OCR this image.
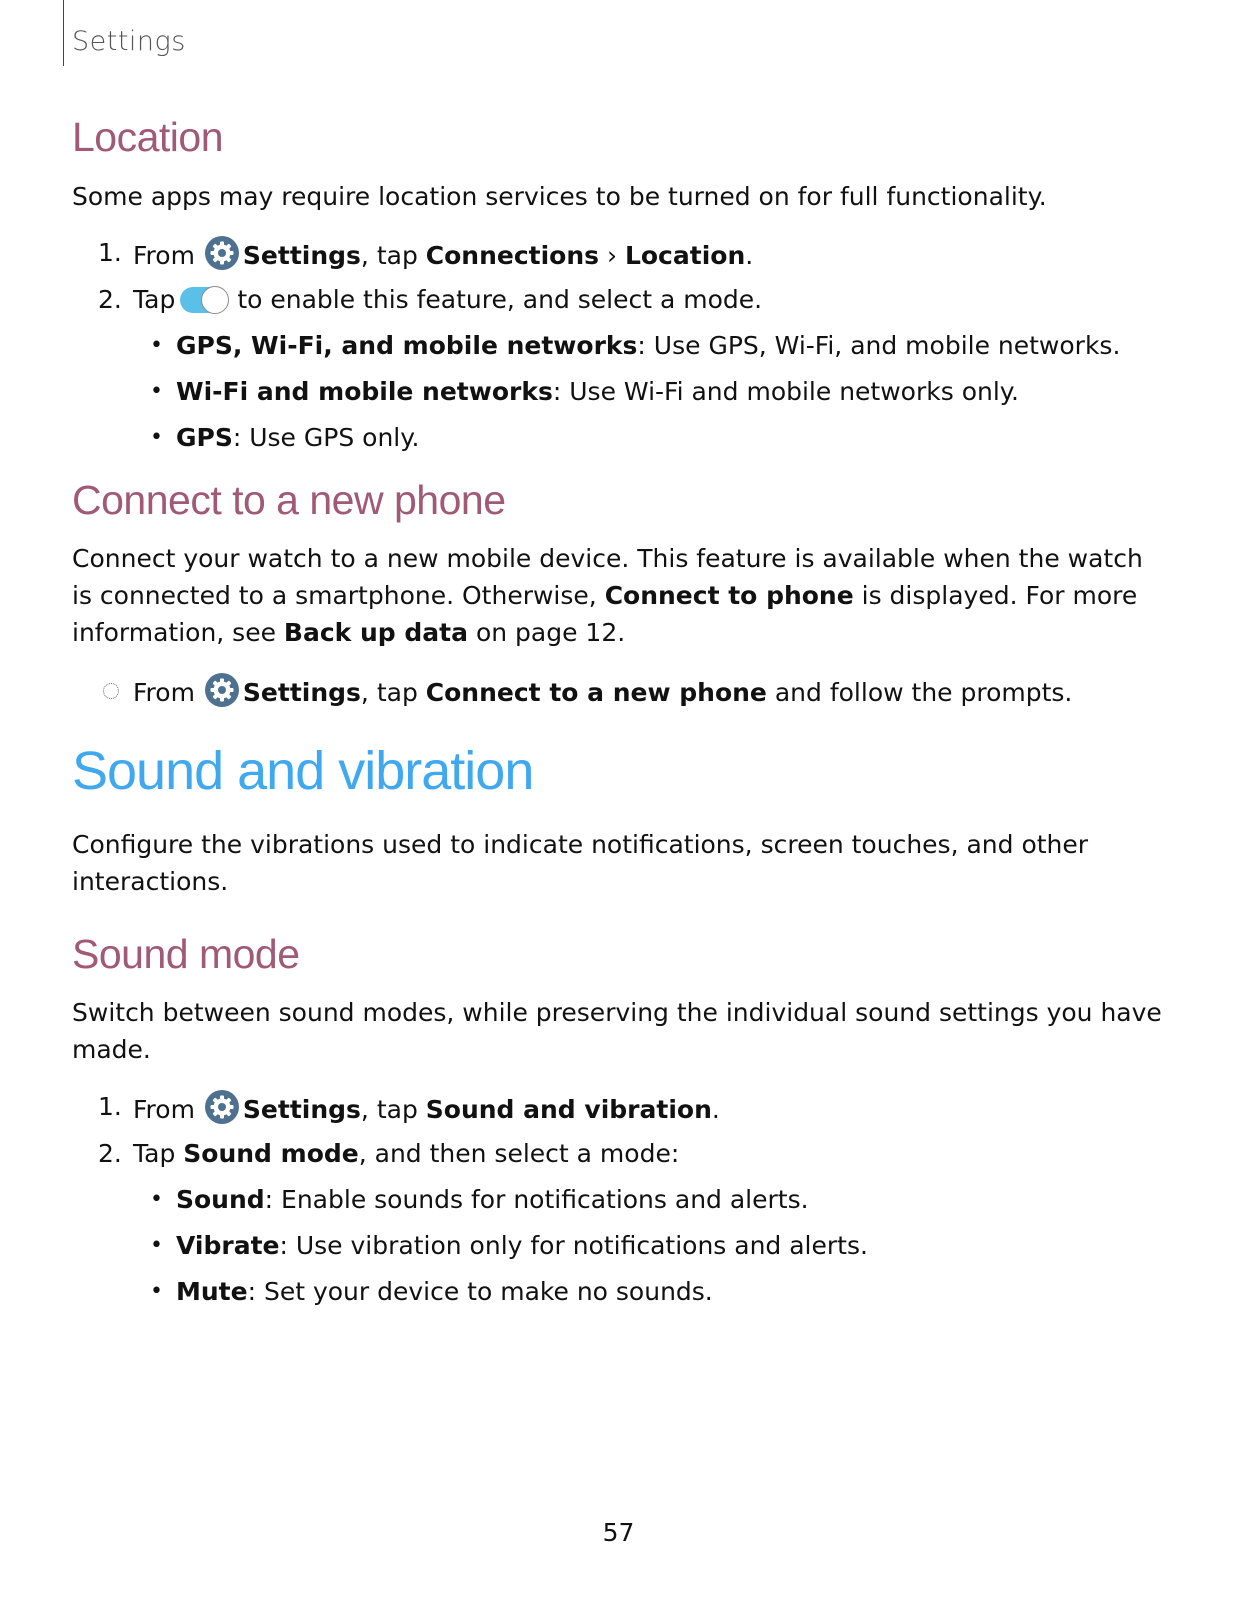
Settings
Location

Some apps may require location services to be turned on for full functionality.

1. From Settings, tap Connections › Location.
2. Tap to enable this feature, and select a mode.
• GPS, Wi-Fi, and mobile networks: Use GPS, Wi-Fi, and mobile networks.
• Wi-Fi and mobile networks: Use Wi-Fi and mobile networks only.
• GPS: Use GPS only.
Connect to a new phone
Connect your watch to a new mobile device. This feature is available when the watch
is connected to a smartphone. Otherwise, Connect to phone is displayed. For more
information, see Back up data on page 12.
From Settings, tap Connect to a new phone and follow the prompts.
Sound and vibration
Configure the vibrations used to indicate notifications, screen touches, and other
interactions.
Sound mode
Switch between sound modes, while preserving the individual sound settings you have
made.
1. From Settings, tap Sound and vibration.
2. Tap Sound mode, and then select a mode:
• Sound: Enable sounds for notifications and alerts.
• Vibrate: Use vibration only for notifications and alerts.
• Mute: Set your device to make no sounds.
57
